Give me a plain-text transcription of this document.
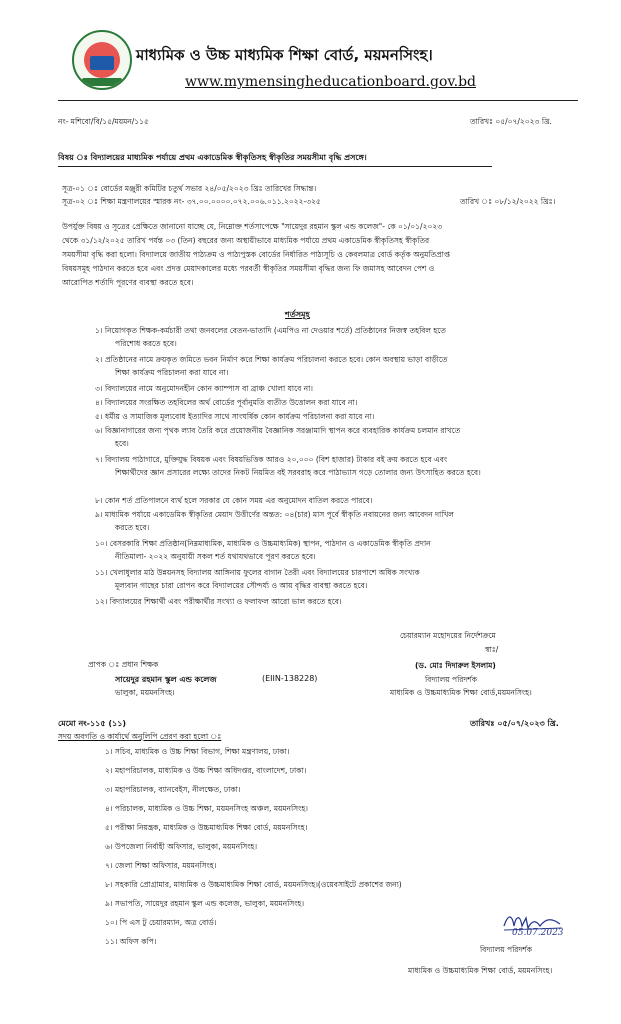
মাধ্যমিক ও উচ্চ মাধ্যমিক শিক্ষা বোর্ড, ময়মনসিংহ।
www.mymensingheducationboard.gov.bd
নং- মশিবো/বি/১৫/ময়মন/১১৫	তারিখঃ ০৫/০৭/২০২৩ খ্রি.
বিষয় ঃ বিদ্যালয়ের মাধ্যমিক পর্যায়ে প্রথম একাডেমিক স্বীকৃতিসহ স্বীকৃতির সময়সীমা বৃদ্ধি প্রসঙ্গে।
সূত্র-০১ ঃ বোর্ডের মঞ্জুরী কমিটির চতুর্থ সভার ২৪/০৫/২০২৩ খ্রিঃ তারিখের সিদ্ধান্ত।
সূত্র-০২ ঃ শিক্ষা মন্ত্রণালয়ের স্মারক নং- ৩৭.০০.০০০০.০৭২.০০৬.০১১.২০২২-৩২৫	তারিখ ঃ ০৮/১২/২০২২ খ্রিঃ।
উপর্যুক্ত বিষয় ও সূত্রের প্রেক্ষিতে জানানো যাচ্ছে যে, নিম্নোক্ত শর্তসাপেক্ষে "সায়েদুর রহমান স্কুল এন্ড কলেজ"- কে ০১/০১/২০২৩
থেকে ৩১/১২/২০২৫ তারিখ পর্যন্ত ০৩ (তিন) বছরের জন্য অস্থায়ীভাবে মাধ্যমিক পর্যায়ে প্রথম একাডেমিক স্বীকৃতিসহ স্বীকৃতির
সময়সীমা বৃদ্ধি করা হলো। বিদ্যালয়ে জাতীয় পাঠ্যক্রম ও পাঠ্যপুস্তক বোর্ডের নির্ধারিত পাঠ্যসূচি ও কেবলমাত্র বোর্ড কর্তৃক অনুমতিপ্রাপ্ত
বিষয়সমূহ পাঠদান করতে হবে এবং প্রদত্ত মেয়াদকালের মধ্যে পরবর্তী স্বীকৃতির সময়সীমা বৃদ্ধির জন্য ফি জমাসহ আবেদন পেশ ও
আরোপিত শর্তাদি পূরণের ব্যবস্থা করতে হবে।
শর্তসমূহ
১। নিয়োগকৃত শিক্ষক-কর্মচারী তথা জনবলের বেতন-ভাতাদি (এমপিও না দেওয়ার শর্তে) প্রতিষ্ঠানের নিজস্ব তহবিল হতে
পরিশোধ করতে হবে।
২। প্রতিষ্ঠানের নামে ক্রয়কৃত জমিতে ভবন নির্মাণ করে শিক্ষা কার্যক্রম পরিচালনা করতে হবে। কোন অবস্থায় ভাড়া বাড়ীতে
শিক্ষা কার্যক্রম পরিচালনা করা যাবে না।
৩। বিদ্যালয়ের নামে অনুমোদনহীন কোন ক্যাম্পাস বা ব্রাঞ্চ খোলা যাবে না।
৪। বিদ্যালয়ের সংরক্ষিত তহবিলের অর্থ বোর্ডের পূর্বানুমতি ব্যতীত উত্তোলন করা যাবে না।
৫। ধর্মীয় ও সামাজিক মূল্যবোধ ইত্যাদির সাথে সাংঘর্ষিক কোন কার্যক্রম পরিচালনা করা যাবে না।
৬। বিজ্ঞানাগারের জন্য পৃথক ল্যাব তৈরি করে প্রয়োজনীয় বৈজ্ঞানিক সরঞ্জামাদি স্থাপন করে ব্যবহারিক কার্যক্রম চলমান রাখতে
হবে।
৭। বিদ্যালয় পাঠাগারে, মুক্তিযুদ্ধ বিষয়ক এবং বিষয়ভিত্তিক আরও ২০,০০০ (বিশ হাজার) টাকার বই ক্রয় করতে হবে এবং
শিক্ষার্থীদের জ্ঞান প্রসারের লক্ষ্যে তাদের নিকট নিয়মিত বই সরবরাহ করে পাঠাভ্যাস গড়ে তোলার জন্য উৎসাহিত করতে হবে।
৮। কোন শর্ত প্রতিপালনে ব্যর্থ হলে সরকার যে কোন সময় এর অনুমোদন বাতিল করতে পারবে।
৯। মাধ্যমিক পর্যায়ে একাডেমিক স্বীকৃতির মেয়াদ উত্তীর্ণের অন্তত: ০৪(চার) মাস পূর্বে স্বীকৃতি নবায়নের জন্য আবেদন দাখিল
করতে হবে।
১০। বেসরকারি শিক্ষা প্রতিষ্ঠান(নিম্নমাধ্যমিক, মাধ্যমিক ও উচ্চমাধ্যমিক) স্থাপন, পাঠদান ও একাডেমিক স্বীকৃতি প্রদান
নীতিমালা- ২০২২ অনুযায়ী সকল শর্ত যথাযথভাবে পূরণ করতে হবে।
১১। খেলাধুলার মাঠ উন্নয়নসহ বিদ্যালয় আঙ্গিনায় ফুলের বাগান তৈরী এবং বিদ্যালয়ের চারপাশে অধিক সংখ্যক
মূল্যবান গাছের চারা রোপন করে বিদ্যালয়ের সৌন্দর্য্য ও আয় বৃদ্ধির ব্যবস্থা করতে হবে।
১২। বিদ্যালয়ের শিক্ষার্থী এবং পরীক্ষার্থীর সংখ্যা ও ফলাফল আরো ভাল করতে হবে।
চেয়ারম্যান মহোদয়ের নির্দেশক্রমে
স্বাঃ/
(ড. মোঃ দিদারুল ইসলাম)
বিদ্যালয় পরিদর্শক
মাধ্যমিক ও উচ্চমাধ্যমিক শিক্ষা বোর্ড,ময়মনসিংহ।
প্রাপক ঃ প্রধান শিক্ষক
সায়েদুর রহমান স্কুল এন্ড কলেজ	(EIIN-138228)
ভালুকা, ময়মনসিংহ।
মেমো নং-১১৫ (১১)	তারিখঃ ০৫/০৭/২০২৩ খ্রি.
সদয় অবগতি ও কার্যার্থে অনুলিপি প্রেরণ করা হলো ঃ
১। সচিব, মাধ্যমিক ও উচ্চ শিক্ষা বিভাগ, শিক্ষা মন্ত্রণালয়, ঢাকা।
২। মহাপরিচালক, মাধ্যমিক ও উচ্চ শিক্ষা অধিদপ্তর, বাংলাদেশ, ঢাকা।
৩। মহাপরিচালক, ব্যানবেইস, নীলক্ষেত, ঢাকা।
৪। পরিচালক, মাধ্যমিক ও উচ্চ শিক্ষা, ময়মনসিংহ অঞ্চল, ময়মনসিংহ।
৫। পরীক্ষা নিয়ন্ত্রক, মাধ্যমিক ও উচ্চমাধ্যমিক শিক্ষা বোর্ড, ময়মনসিংহ।
৬। উপজেলা নির্বাহী অফিসার, ভালুকা, ময়মনসিংহ।
৭। জেলা শিক্ষা অফিসার, ময়মনসিংহ।
৮। সহকারি প্রোগ্রামার, মাধ্যমিক ও উচ্চমাধ্যমিক শিক্ষা বোর্ড, ময়মনসিংহ।(ওয়েবসাইটে প্রকাশের জন্য)
৯। সভাপতি, সায়েদুর রহমান স্কুল এন্ড কলেজ, ভালুকা, ময়মনসিংহ।
১০। পি এস টু চেয়ারম্যান, অত্র বোর্ড।
১১। অফিস কপি।
05.07.2023
বিদ্যালয় পরিদর্শক
মাধ্যমিক ও উচ্চমাধ্যমিক শিক্ষা বোর্ড, ময়মনসিংহ।
